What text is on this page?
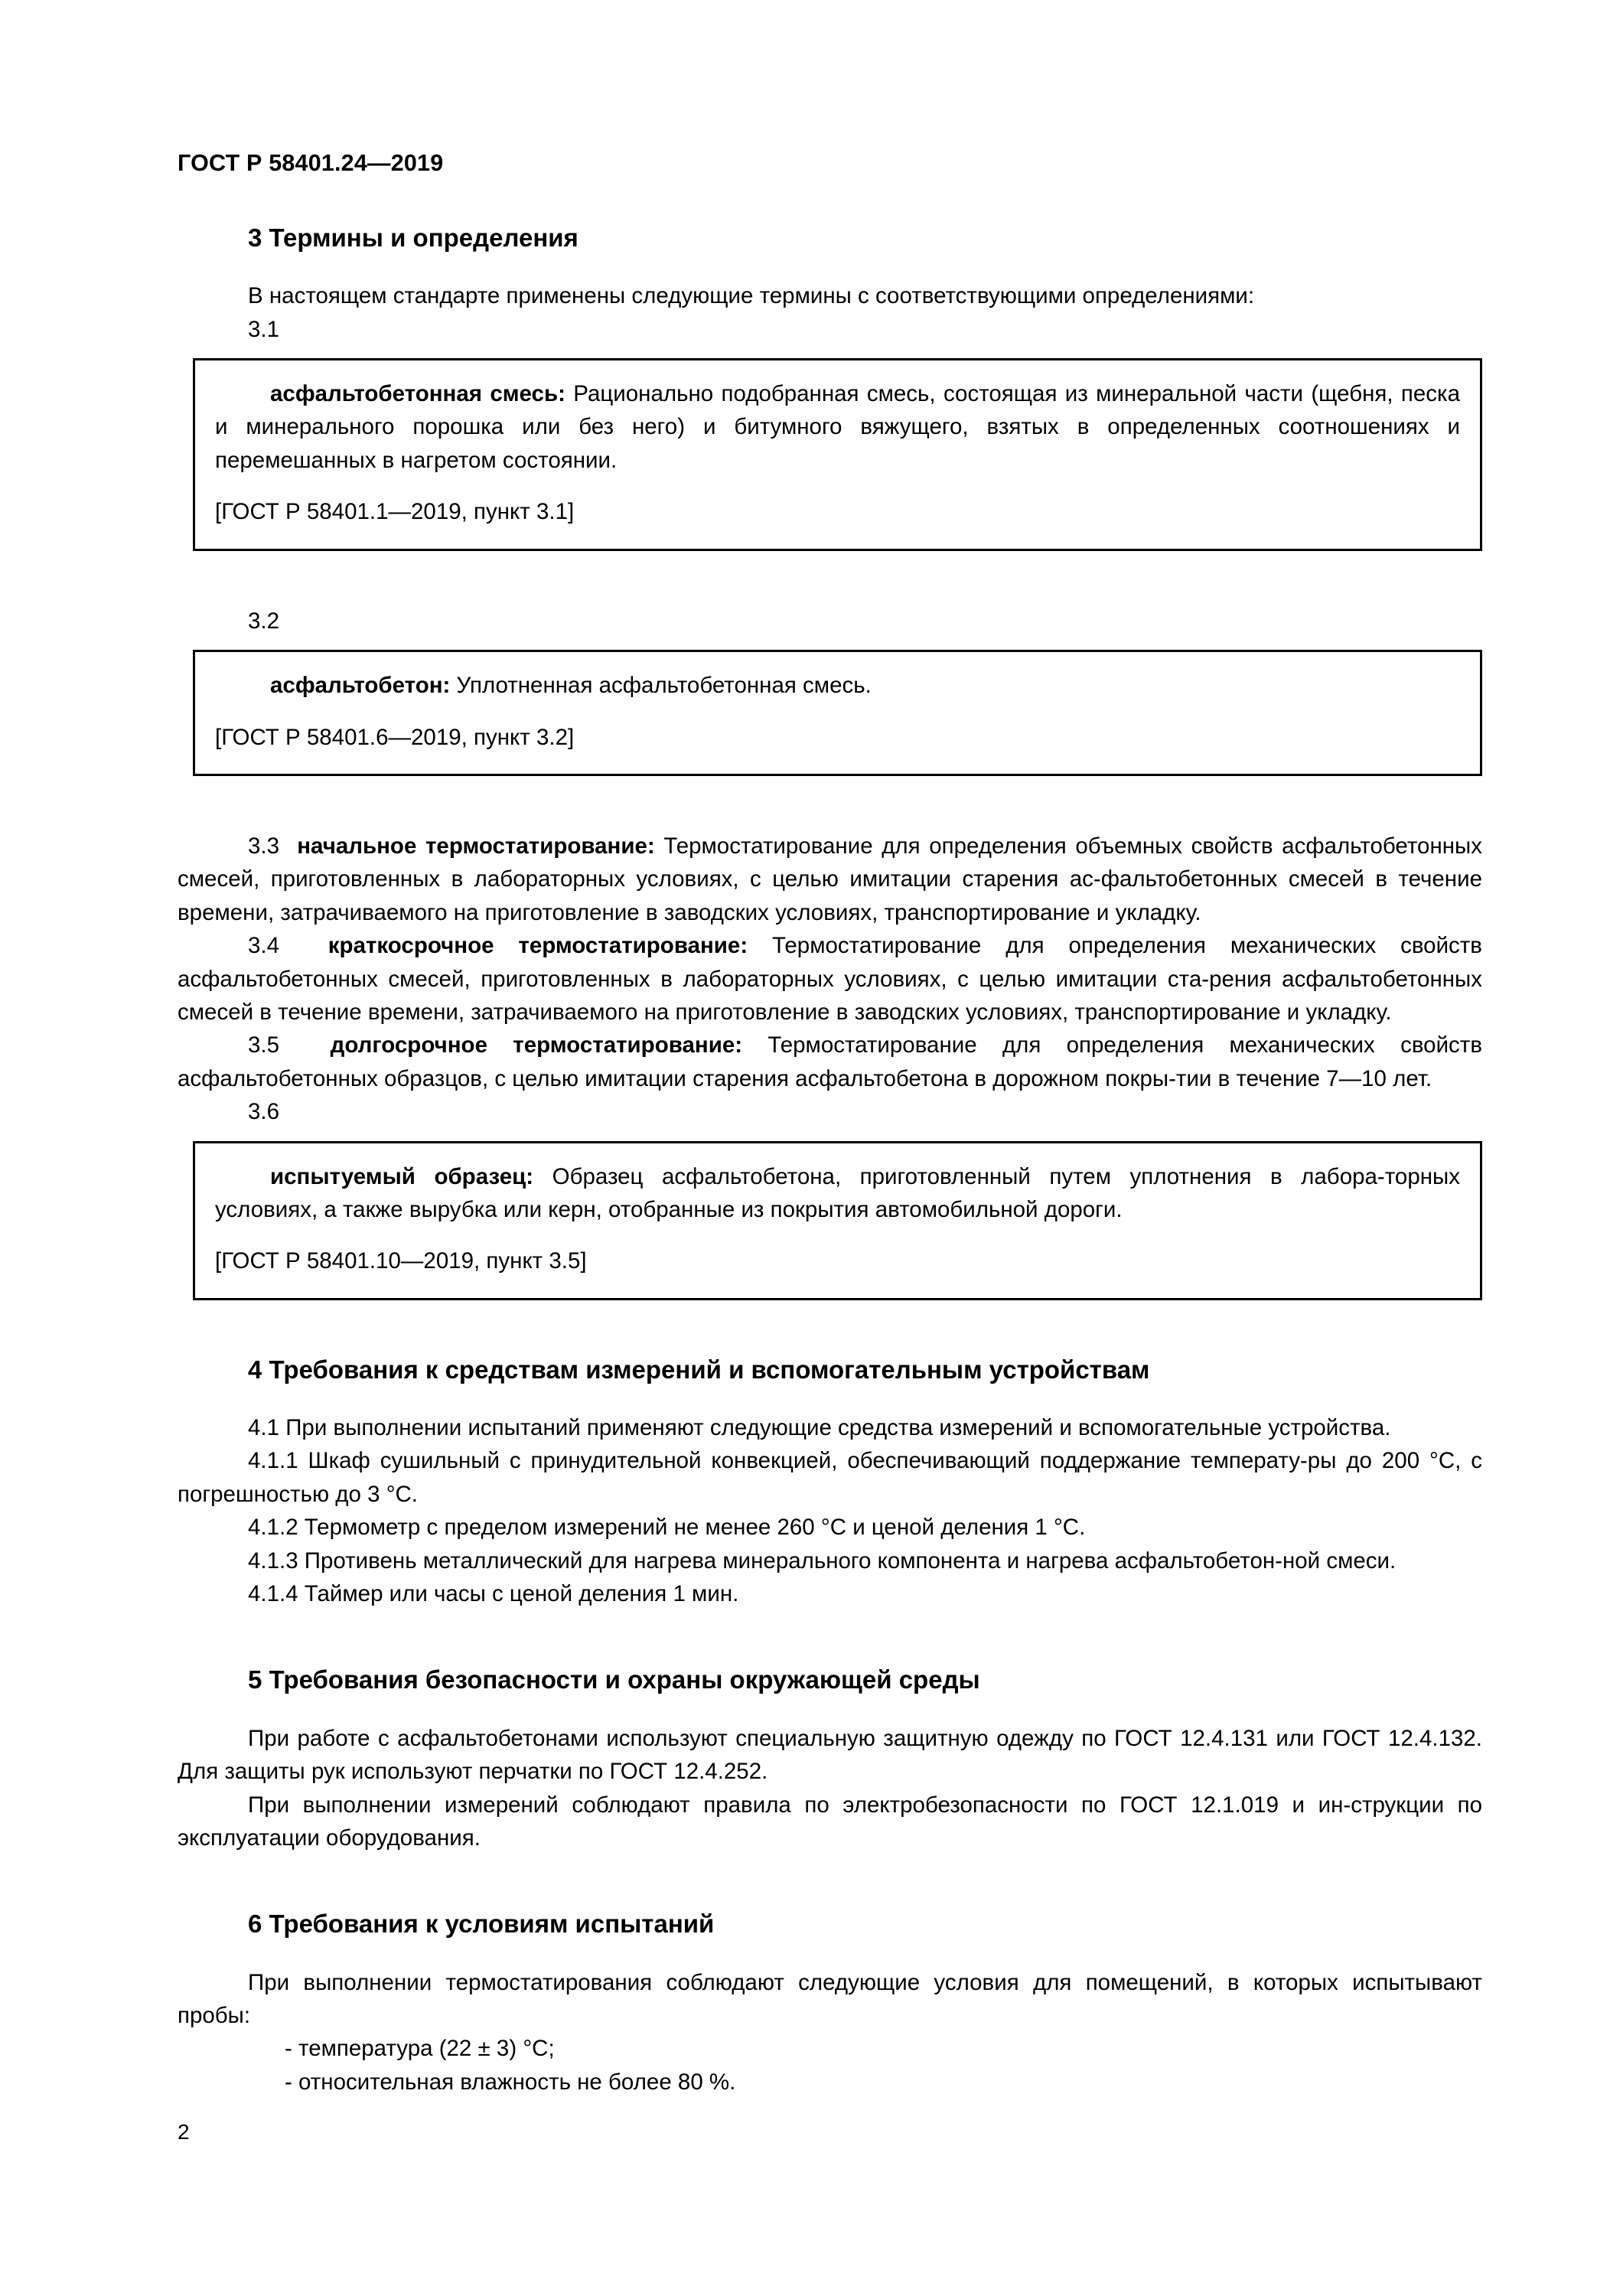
ГОСТ Р 58401.24—2019
3 Термины и определения

В настоящем стандарте применены следующие термины с соответствующими определениями:

3.1

асфальтобетонная смесь: Рационально подобранная смесь, состоящая из минеральной части (щебня, песка и минерального порошка или без него) и битумного вяжущего, взятых в определенных соотношениях и перемешанных в нагретом состоянии.

[ГОСТ Р 58401.1—2019, пункт 3.1]

3.2

асфальтобетон: Уплотненная асфальтобетонная смесь.

[ГОСТ Р 58401.6—2019, пункт 3.2]

3.3 начальное термостатирование: Термостатирование для определения объемных свойств асфальтобетонных смесей, приготовленных в лабораторных условиях, с целью имитации старения ас-фальтобетонных смесей в течение времени, затрачиваемого на приготовление в заводских условиях, транспортирование и укладку.

3.4 краткосрочное термостатирование: Термостатирование для определения механических свойств асфальтобетонных смесей, приготовленных в лабораторных условиях, с целью имитации ста-рения асфальтобетонных смесей в течение времени, затрачиваемого на приготовление в заводских условиях, транспортирование и укладку.

3.5 долгосрочное термостатирование: Термостатирование для определения механических свойств асфальтобетонных образцов, с целью имитации старения асфальтобетона в дорожном покры-тии в течение 7—10 лет.

3.6

испытуемый образец: Образец асфальтобетона, приготовленный путем уплотнения в лабора-торных условиях, а также вырубка или керн, отобранные из покрытия автомобильной дороги.

[ГОСТ Р 58401.10—2019, пункт 3.5]

4 Требования к средствам измерений и вспомогательным устройствам

4.1 При выполнении испытаний применяют следующие средства измерений и вспомогательные устройства.

4.1.1 Шкаф сушильный с принудительной конвекцией, обеспечивающий поддержание температу-ры до 200 °С, с погрешностью до 3 °С.

4.1.2 Термометр с пределом измерений не менее 260 °С и ценой деления 1 °С.

4.1.3 Противень металлический для нагрева минерального компонента и нагрева асфальтобетон-ной смеси.

4.1.4 Таймер или часы с ценой деления 1 мин.

5 Требования безопасности и охраны окружающей среды

При работе с асфальтобетонами используют специальную защитную одежду по ГОСТ 12.4.131 или ГОСТ 12.4.132. Для защиты рук используют перчатки по ГОСТ 12.4.252.

При выполнении измерений соблюдают правила по электробезопасности по ГОСТ 12.1.019 и ин-струкции по эксплуатации оборудования.

6 Требования к условиям испытаний

При выполнении термостатирования соблюдают следующие условия для помещений, в которых испытывают пробы:

- температура (22 ± 3) °С;

- относительная влажность не более 80 %.

2
